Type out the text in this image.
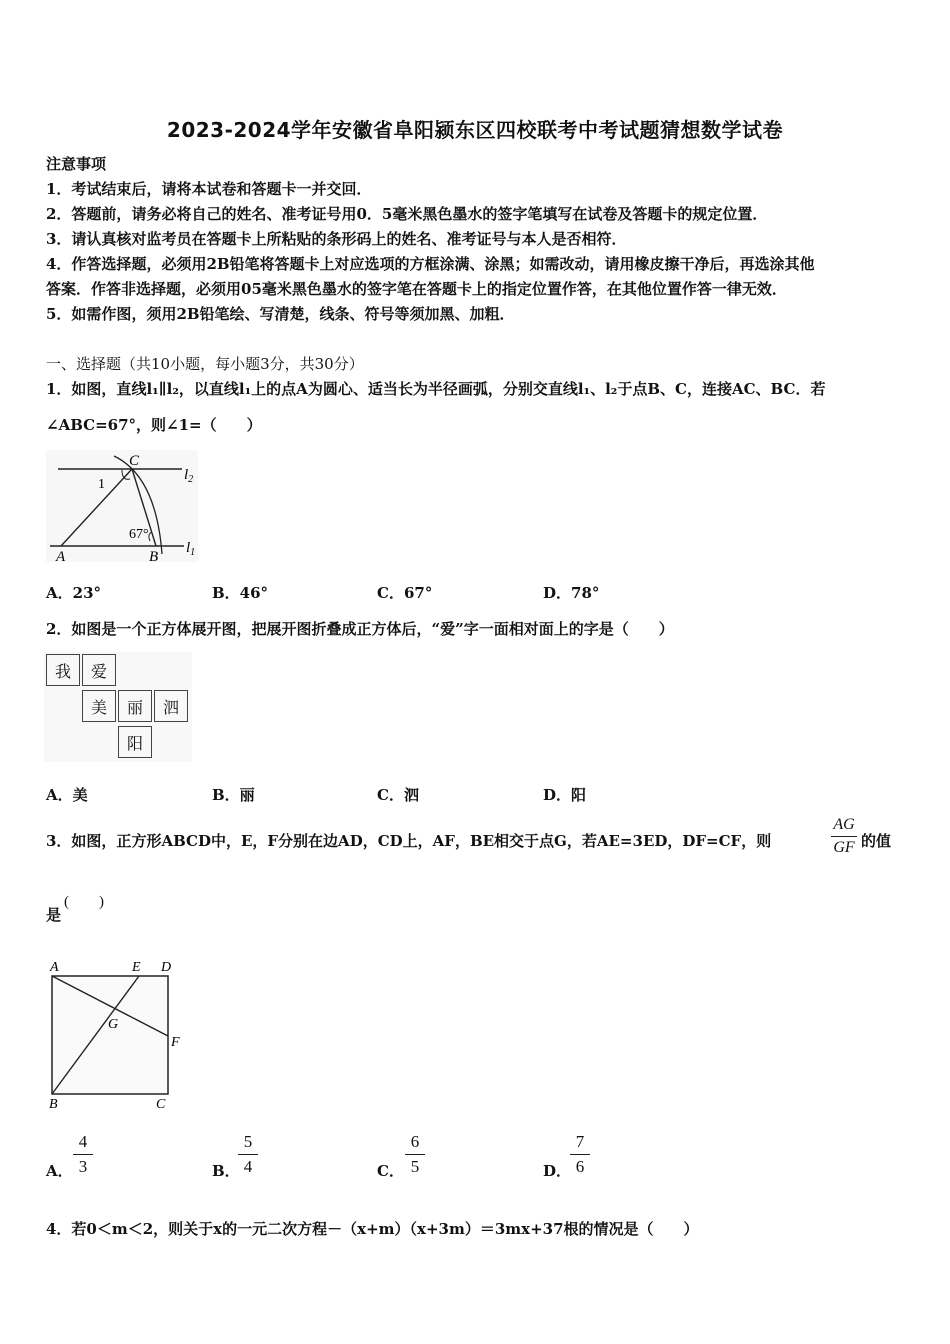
2023-2024学年安徽省阜阳颍东区四校联考中考试题猜想数学试卷
注意事项
1．考试结束后，请将本试卷和答题卡一并交回．
2．答题前，请务必将自己的姓名、准考证号用0．5毫米黑色墨水的签字笔填写在试卷及答题卡的规定位置．
3．请认真核对监考员在答题卡上所粘贴的条形码上的姓名、准考证号与本人是否相符．
4．作答选择题，必须用2B铅笔将答题卡上对应选项的方框涂满、涂黑；如需改动，请用橡皮擦干净后，再选涂其他
答案．作答非选择题，必须用05毫米黑色墨水的签字笔在答题卡上的指定位置作答，在其他位置作答一律无效．
5．如需作图，须用2B铅笔绘、写清楚，线条、符号等须加黑、加粗．
一、选择题（共10小题，每小题3分，共30分）
1．如图，直线l₁∥l₂，以直线l₁上的点A为圆心、适当长为半径画弧，分别交直线l₁、l₂于点B、C，连接AC、BC．若
∠ABC=67°，则∠1=（　　）
C
$l_2$
1
67°
A	B
$l_1$
A．23°	B．46°	C．67°	D．78°
2．如图是一个正方体展开图，把展开图折叠成正方体后，“爱”字一面相对面上的字是（　　）
我	爱
美	丽	泗
阳
A．美	B．丽	C．泗	D．阳
3．如图，正方形ABCD中，E，F分别在边AD，CD上，AF，BE相交于点G，若AE=3ED，DF=CF，则	$\frac{AG}{GF}$ 的值
是
(　　)
A	E D
G
F
B	C
A． $\frac{4}{3}$	B．
$\frac{5}{4}$	C． $\frac{6}{5}$	D．
$\frac{7}{6}$
4．若0＜m＜2，则关于x的一元二次方程－（x+m）（x+3m）＝3mx+37根的情况是（　　）
